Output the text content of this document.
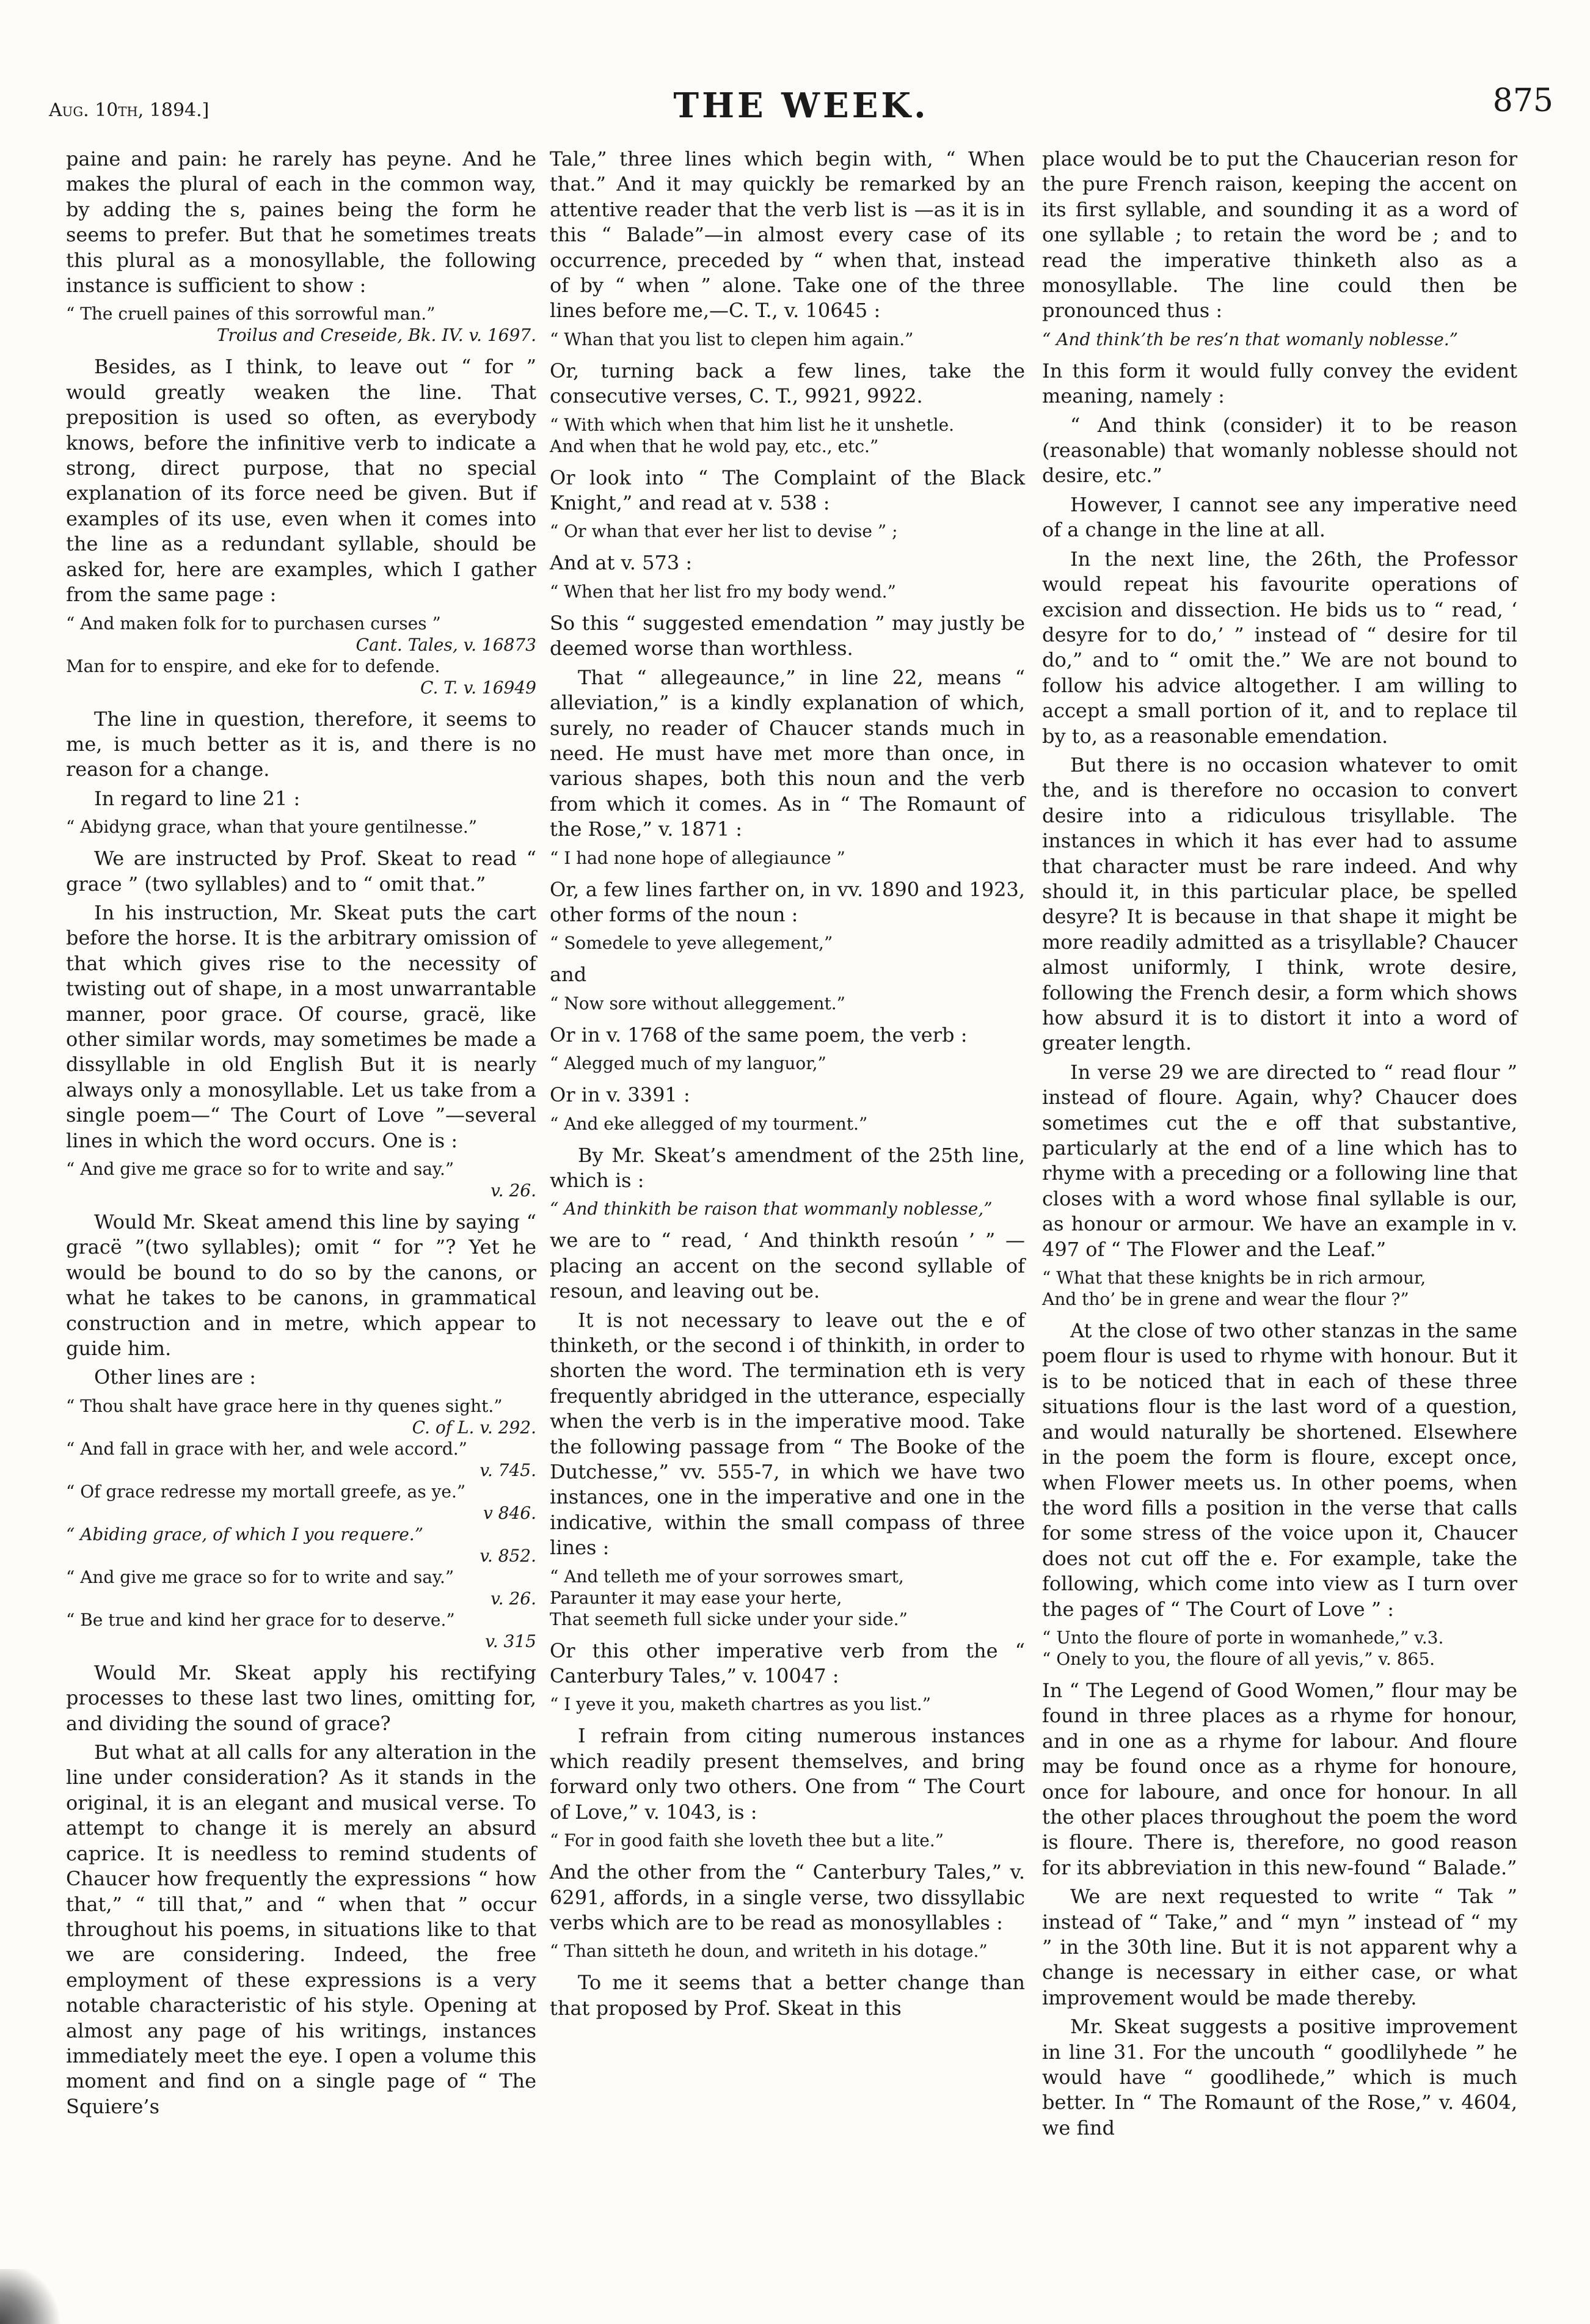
Aug. 10th, 1894.]	THE WEEK.	875

paine and pain: he rarely has peyne. And he makes the plural of each in the common way, by adding the s, paines being the form he seems to prefer. But that he sometimes treats this plural as a monosyllable, the following instance is sufficient to show :

“ The cruell paines of this sorrowful man.”
Troilus and Creseide, Bk. IV. v. 1697.

Besides, as I think, to leave out “ for ” would greatly weaken the line. That preposition is used so often, as everybody knows, before the infinitive verb to indicate a strong, direct purpose, that no special explanation of its force need be given. But if examples of its use, even when it comes into the line as a redundant syllable, should be asked for, here are examples, which I gather from the same page :

“ And maken folk for to purchasen curses ”
Cant. Tales, v. 16873
Man for to enspire, and eke for to defende.
C. T. v. 16949

The line in question, therefore, it seems to me, is much better as it is, and there is no reason for a change.

In regard to line 21 :

“ Abidyng grace, whan that youre gentilnesse.”

We are instructed by Prof. Skeat to read “ grace ” (two syllables) and to “ omit that.”

In his instruction, Mr. Skeat puts the cart before the horse. It is the arbitrary omission of that which gives rise to the necessity of twisting out of shape, in a most unwarrantable manner, poor grace. Of course, gracë, like other similar words, may sometimes be made a dissyllable in old English But it is nearly always only a monosyllable. Let us take from a single poem—“ The Court of Love ”—several lines in which the word occurs. One is :

“ And give me grace so for to write and say.”
v. 26.

Would Mr. Skeat amend this line by saying “ gracë ”(two syllables); omit “ for ”? Yet he would be bound to do so by the canons, or what he takes to be canons, in grammatical construction and in metre, which appear to guide him.

Other lines are :

“ Thou shalt have grace here in thy quenes sight.”
C. of L. v. 292.
“ And fall in grace with her, and wele accord.”
v. 745.
“ Of grace redresse my mortall greefe, as ye.”
v 846.
“ Abiding grace, of which I you requere.”
v. 852.
“ And give me grace so for to write and say.”
v. 26.
“ Be true and kind her grace for to deserve.”
v. 315

Would Mr. Skeat apply his rectifying processes to these last two lines, omitting for, and dividing the sound of grace?

But what at all calls for any alteration in the line under consideration? As it stands in the original, it is an elegant and musical verse. To attempt to change it is merely an absurd caprice. It is needless to remind students of Chaucer how frequently the expressions “ how that,” “ till that,” and “ when that ” occur throughout his poems, in situations like to that we are considering. Indeed, the free employment of these expressions is a very notable characteristic of his style. Opening at almost any page of his writings, instances immediately meet the eye. I open a volume this moment and find on a single page of “ The Squiere’s

Tale,” three lines which begin with, “ When that.” And it may quickly be remarked by an attentive reader that the verb list is —as it is in this “ Balade”—in almost every case of its occurrence, preceded by “ when that, instead of by “ when ” alone. Take one of the three lines before me,—C. T., v. 10645 :

“ Whan that you list to clepen him again.”

Or, turning back a few lines, take the consecutive verses, C. T., 9921, 9922.

“ With which when that him list he it unshetle.
And when that he wold pay, etc., etc.”

Or look into “ The Complaint of the Black Knight,” and read at v. 538 :

“ Or whan that ever her list to devise ” ;

And at v. 573 :

“ When that her list fro my body wend.”

So this “ suggested emendation ” may justly be deemed worse than worthless.

That “ allegeaunce,” in line 22, means “ alleviation,” is a kindly explanation of which, surely, no reader of Chaucer stands much in need. He must have met more than once, in various shapes, both this noun and the verb from which it comes. As in “ The Romaunt of the Rose,” v. 1871 :

“ I had none hope of allegiaunce ”

Or, a few lines farther on, in vv. 1890 and 1923, other forms of the noun :

“ Somedele to yeve allegement,”

and

“ Now sore without alleggement.”

Or in v. 1768 of the same poem, the verb :

“ Alegged much of my languor,”

Or in v. 3391 :

“ And eke allegged of my tourment.”

By Mr. Skeat’s amendment of the 25th line, which is :

“ And thinkith be raison that wommanly noblesse,”

we are to “ read, ‘ And thinkth resoún ’ ” —placing an accent on the second syllable of resoun, and leaving out be.

It is not necessary to leave out the e of thinketh, or the second i of thinkith, in order to shorten the word. The termination eth is very frequently abridged in the utterance, especially when the verb is in the imperative mood. Take the following passage from “ The Booke of the Dutchesse,” vv. 555-7, in which we have two instances, one in the imperative and one in the indicative, within the small compass of three lines :

“ And telleth me of your sorrowes smart,
Paraunter it may ease your herte,
That seemeth full sicke under your side.”

Or this other imperative verb from the “ Canterbury Tales,” v. 10047 :

“ I yeve it you, maketh chartres as you list.”

I refrain from citing numerous instances which readily present themselves, and bring forward only two others. One from “ The Court of Love,” v. 1043, is :

“ For in good faith she loveth thee but a lite.”

And the other from the “ Canterbury Tales,” v. 6291, affords, in a single verse, two dissyllabic verbs which are to be read as monosyllables :

“ Than sitteth he doun, and writeth in his dotage.”

To me it seems that a better change than that proposed by Prof. Skeat in this

place would be to put the Chaucerian reson for the pure French raison, keeping the accent on its first syllable, and sounding it as a word of one syllable ; to retain the word be ; and to read the imperative thinketh also as a monosyllable. The line could then be pronounced thus :

“ And think’th be res’n that womanly noblesse.”

In this form it would fully convey the evident meaning, namely :

“ And think (consider) it to be reason (reasonable) that womanly noblesse should not desire, etc.”

However, I cannot see any imperative need of a change in the line at all.

In the next line, the 26th, the Professor would repeat his favourite operations of excision and dissection. He bids us to “ read, ‘ desyre for to do,’ ” instead of “ desire for til do,” and to “ omit the.” We are not bound to follow his advice altogether. I am willing to accept a small portion of it, and to replace til by to, as a reasonable emendation.

But there is no occasion whatever to omit the, and is therefore no occasion to convert desire into a ridiculous trisyllable. The instances in which it has ever had to assume that character must be rare indeed. And why should it, in this particular place, be spelled desyre? It is because in that shape it might be more readily admitted as a trisyllable? Chaucer almost uniformly, I think, wrote desire, following the French desir, a form which shows how absurd it is to distort it into a word of greater length.

In verse 29 we are directed to “ read flour ” instead of floure. Again, why? Chaucer does sometimes cut the e off that substantive, particularly at the end of a line which has to rhyme with a preceding or a following line that closes with a word whose final syllable is our, as honour or armour. We have an example in v. 497 of “ The Flower and the Leaf.”

“ What that these knights be in rich armour,
And tho’ be in grene and wear the flour ?”

At the close of two other stanzas in the same poem flour is used to rhyme with honour. But it is to be noticed that in each of these three situations flour is the last word of a question, and would naturally be shortened. Elsewhere in the poem the form is floure, except once, when Flower meets us. In other poems, when the word fills a position in the verse that calls for some stress of the voice upon it, Chaucer does not cut off the e. For example, take the following, which come into view as I turn over the pages of “ The Court of Love ” :

“ Unto the floure of porte in womanhede,” v.3.
“ Onely to you, the floure of all yevis,” v. 865.

In “ The Legend of Good Women,” flour may be found in three places as a rhyme for honour, and in one as a rhyme for labour. And floure may be found once as a rhyme for honoure, once for laboure, and once for honour. In all the other places throughout the poem the word is floure. There is, therefore, no good reason for its abbreviation in this new-found “ Balade.”

We are next requested to write “ Tak ” instead of “ Take,” and “ myn ” instead of “ my ” in the 30th line. But it is not apparent why a change is necessary in either case, or what improvement would be made thereby.

Mr. Skeat suggests a positive improvement in line 31. For the uncouth “ goodlilyhede ” he would have “ goodlihede,” which is much better. In “ The Romaunt of the Rose,” v. 4604, we find
